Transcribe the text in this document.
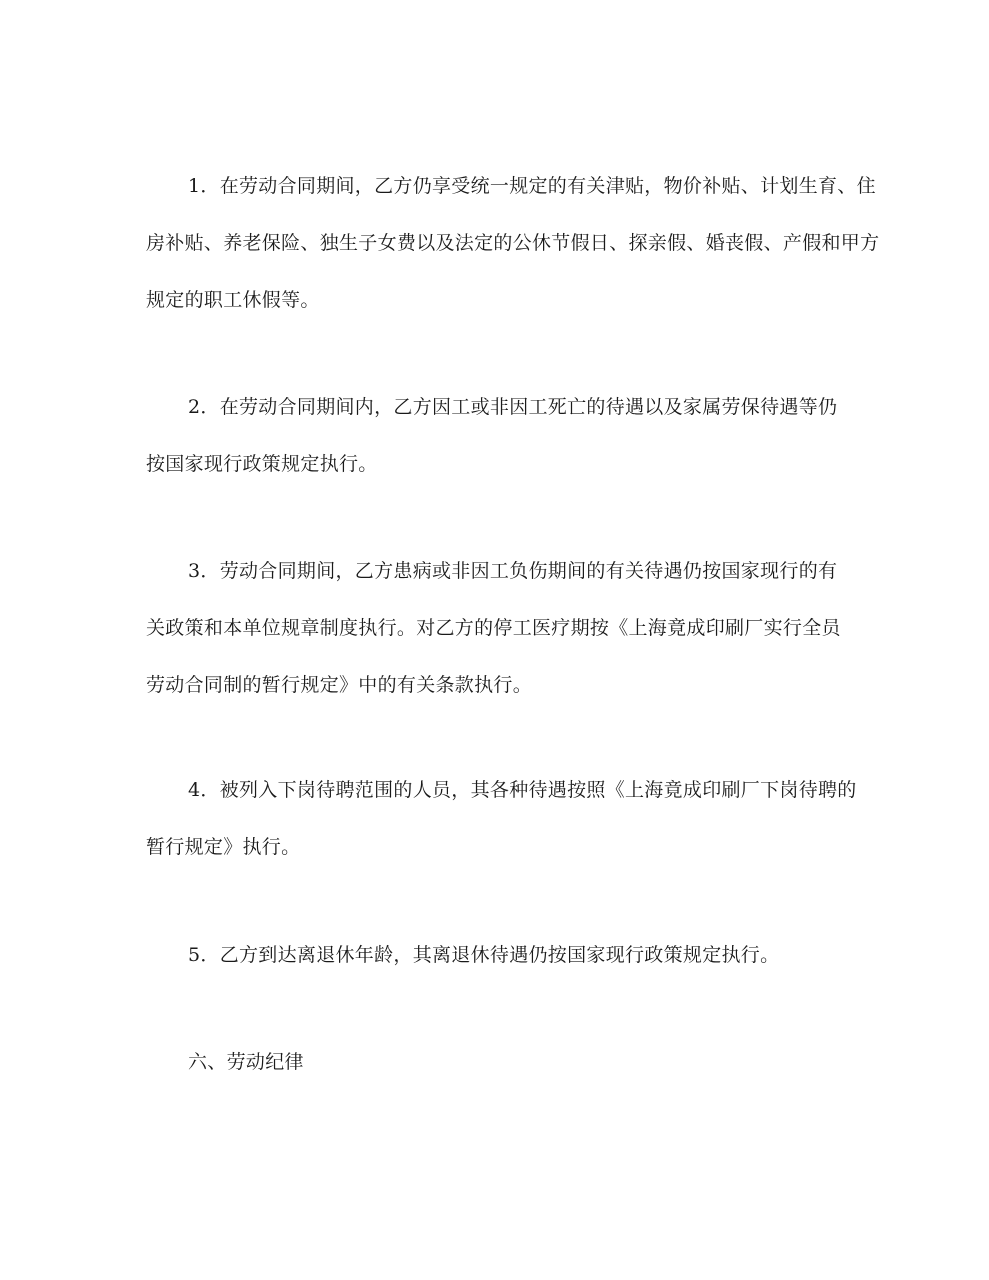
1．在劳动合同期间，乙方仍享受统一规定的有关津贴，物价补贴、计划生育、住
房补贴、养老保险、独生子女费以及法定的公休节假日、探亲假、婚丧假、产假和甲方
规定的职工休假等。
2．在劳动合同期间内，乙方因工或非因工死亡的待遇以及家属劳保待遇等仍
按国家现行政策规定执行。
3．劳动合同期间，乙方患病或非因工负伤期间的有关待遇仍按国家现行的有
关政策和本单位规章制度执行。对乙方的停工医疗期按《上海竟成印刷厂实行全员
劳动合同制的暂行规定》中的有关条款执行。
4．被列入下岗待聘范围的人员，其各种待遇按照《上海竟成印刷厂下岗待聘的
暂行规定》执行。
5．乙方到达离退休年龄，其离退休待遇仍按国家现行政策规定执行。

六、劳动纪律
